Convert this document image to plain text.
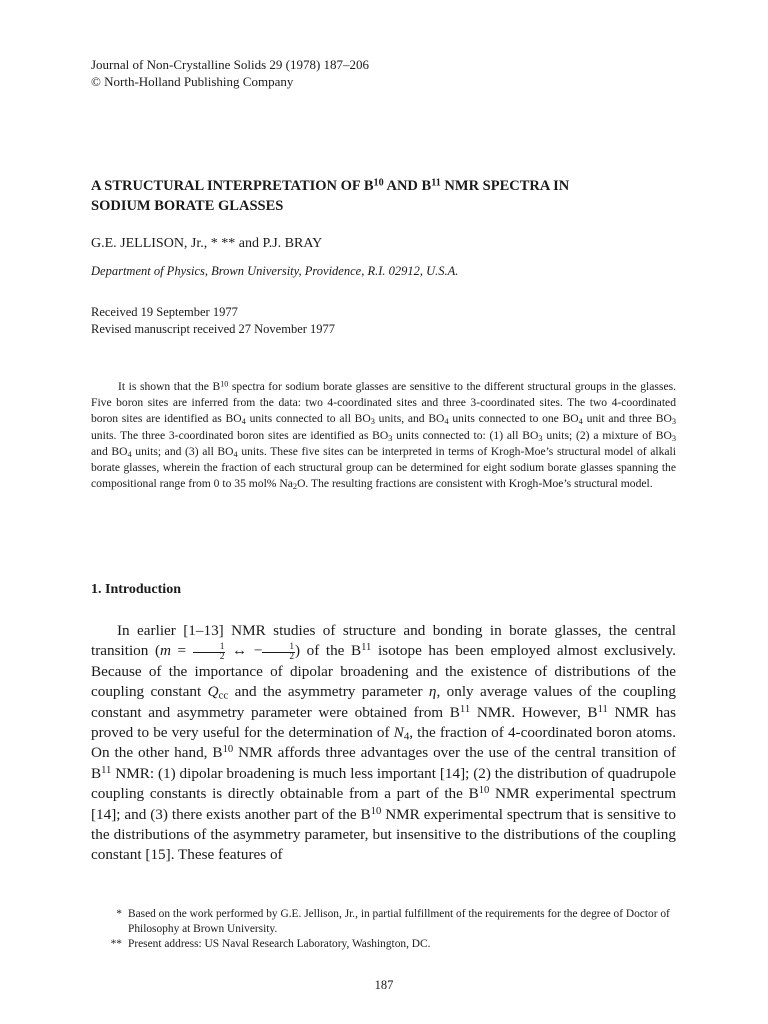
Journal of Non-Crystalline Solids 29 (1978) 187–206
© North-Holland Publishing Company
A STRUCTURAL INTERPRETATION OF $B^{10}$ AND $B^{11}$ NMR SPECTRA IN
SODIUM BORATE GLASSES
G.E. JELLISON, Jr., * ** and P.J. BRAY
Department of Physics, Brown University, Providence, R.I. 02912, U.S.A.
Received 19 September 1977
Revised manuscript received 27 November 1977
It is shown that the $B^{10}$ spectra for sodium borate glasses are sensitive to the different structural groups in the glasses. Five boron sites are inferred from the data: two 4-coordinated sites and three 3-coordinated sites. The two 4-coordinated boron sites are identified as $BO_4$ units connected to all $BO_3$ units, and $BO_4$ units connected to one $BO_4$ unit and three $BO_3$ units. The three 3-coordinated boron sites are identified as $BO_3$ units connected to: (1) all $BO_3$ units; (2) a mixture of $BO_3$ and $BO_4$ units; and (3) all $BO_4$ units. These five sites can be interpreted in terms of Krogh-Moe’s structural model of alkali borate glasses, wherein the fraction of each structural group can be determined for eight sodium borate glasses spanning the compositional range from 0 to 35 mol% $Na_2O$. The resulting fractions are consistent with Krogh-Moe’s structural model.
1. Introduction
In earlier [1–13] NMR studies of structure and bonding in borate glasses, the central transition ($m = \frac{1}{2}$ ↔ − $\frac{1}{2}$ ) of the $B^{11}$ isotope has been employed almost exclusively. Because of the importance of dipolar broadening and the existence of distributions of the coupling constant $Q_{cc}$ and the asymmetry parameter η, only average values of the coupling constant and asymmetry parameter were obtained from $B^{11}$ NMR. However, $B^{11}$ NMR has proved to be very useful for the determination of $N_4$, the fraction of 4-coordinated boron atoms. On the other hand, $B^{10}$ NMR affords three advantages over the use of the central transition of $B^{11}$ NMR: (1) dipolar broadening is much less important [14]; (2) the distribution of quadrupole coupling constants is directly obtainable from a part of the $B^{10}$ NMR experimental spectrum [14]; and (3) there exists another part of the $B^{10}$ NMR experimental spectrum that is sensitive to the distributions of the asymmetry parameter, but insensitive to the distributions of the coupling constant [15]. These features of
* Based on the work performed by G.E. Jellison, Jr., in partial fulfillment of the requirements for the degree of Doctor of Philosophy at Brown University.
** Present address: US Naval Research Laboratory, Washington, DC.
187
